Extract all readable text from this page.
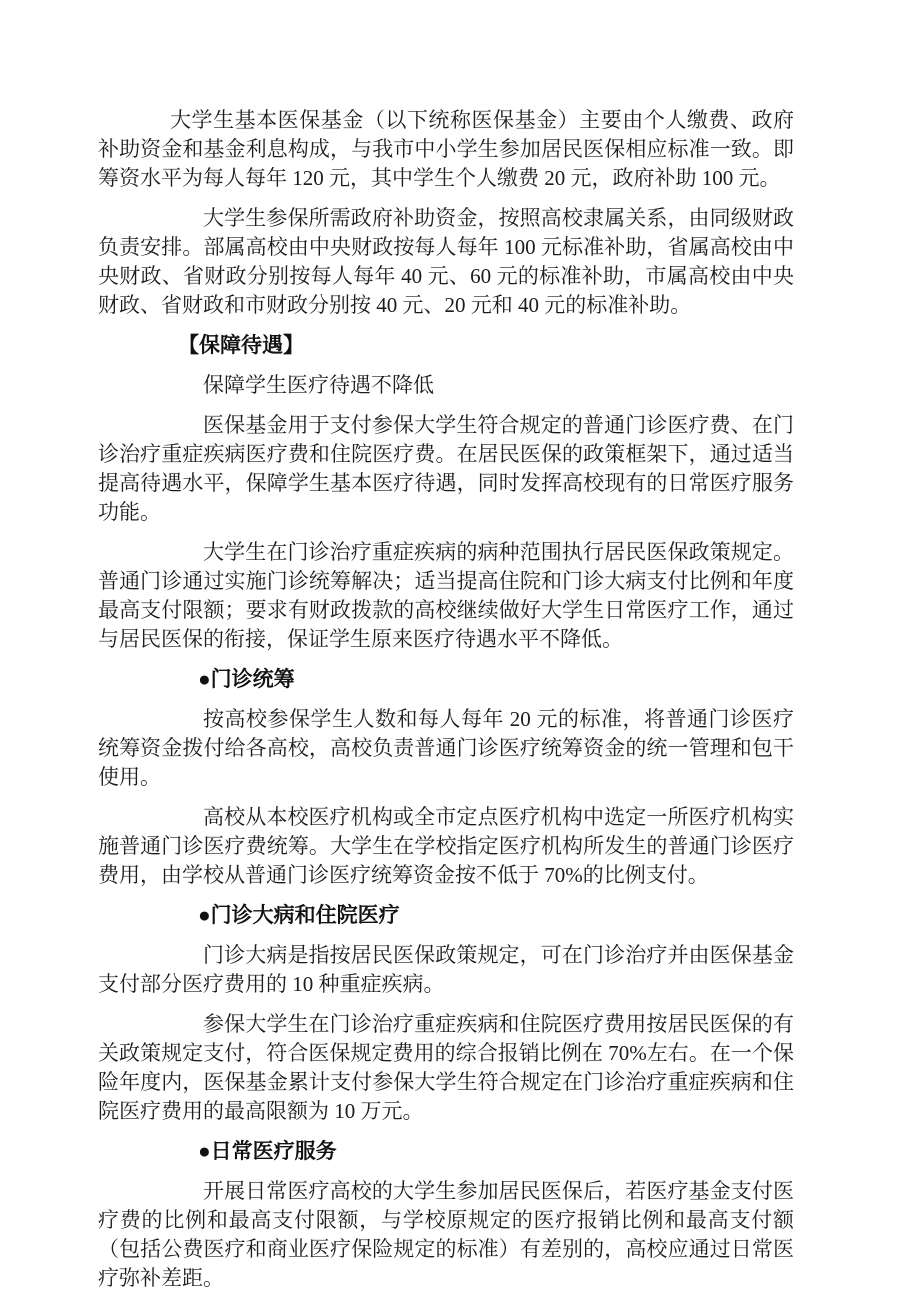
大学生基本医保基金（以下统称医保基金）主要由个人缴费、政府补助资金和基金利息构成，与我市中小学生参加居民医保相应标准一致。即筹资水平为每人每年 120 元，其中学生个人缴费 20 元，政府补助 100 元。

大学生参保所需政府补助资金，按照高校隶属关系，由同级财政负责安排。部属高校由中央财政按每人每年 100 元标准补助，省属高校由中央财政、省财政分别按每人每年 40 元、60 元的标准补助，市属高校由中央财政、省财政和市财政分别按 40 元、20 元和 40 元的标准补助。

【保障待遇】

保障学生医疗待遇不降低

医保基金用于支付参保大学生符合规定的普通门诊医疗费、在门诊治疗重症疾病医疗费和住院医疗费。在居民医保的政策框架下，通过适当提高待遇水平，保障学生基本医疗待遇，同时发挥高校现有的日常医疗服务功能。

大学生在门诊治疗重症疾病的病种范围执行居民医保政策规定。普通门诊通过实施门诊统筹解决；适当提高住院和门诊大病支付比例和年度最高支付限额；要求有财政拨款的高校继续做好大学生日常医疗工作，通过与居民医保的衔接，保证学生原来医疗待遇水平不降低。

●门诊统筹

按高校参保学生人数和每人每年 20 元的标准，将普通门诊医疗统筹资金拨付给各高校，高校负责普通门诊医疗统筹资金的统一管理和包干使用。

高校从本校医疗机构或全市定点医疗机构中选定一所医疗机构实施普通门诊医疗费统筹。大学生在学校指定医疗机构所发生的普通门诊医疗费用，由学校从普通门诊医疗统筹资金按不低于 70%的比例支付。

●门诊大病和住院医疗

门诊大病是指按居民医保政策规定，可在门诊治疗并由医保基金支付部分医疗费用的 10 种重症疾病。

参保大学生在门诊治疗重症疾病和住院医疗费用按居民医保的有关政策规定支付，符合医保规定费用的综合报销比例在 70%左右。在一个保险年度内，医保基金累计支付参保大学生符合规定在门诊治疗重症疾病和住院医疗费用的最高限额为 10 万元。

●日常医疗服务

开展日常医疗高校的大学生参加居民医保后，若医疗基金支付医疗费的比例和最高支付限额，与学校原规定的医疗报销比例和最高支付额（包括公费医疗和商业医疗保险规定的标准）有差别的，高校应通过日常医疗弥补差距。
